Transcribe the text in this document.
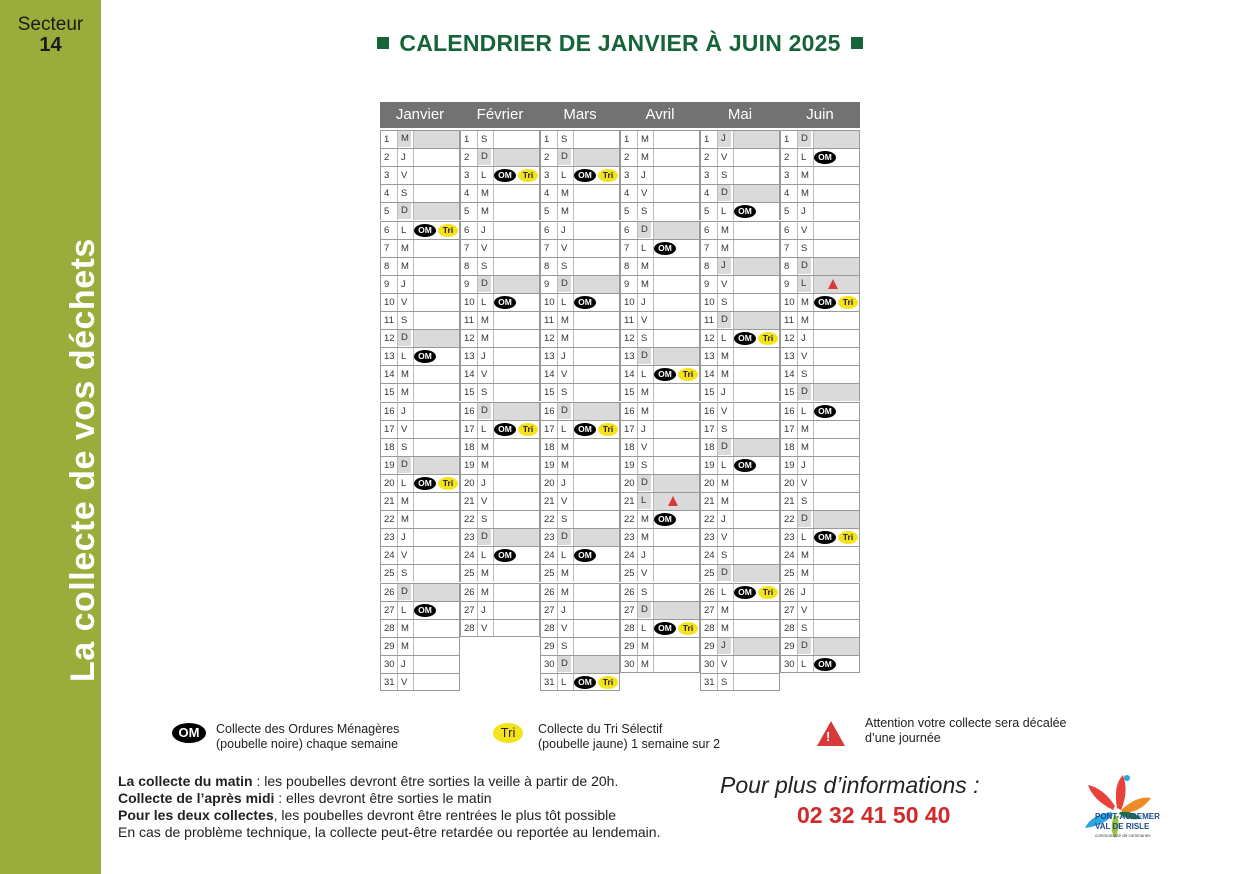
Secteur
14
La collecte de vos déchets
CALENDRIER DE JANVIER À JUIN 2025
Janvier
1	M
2 J
3 V
4 S
5	D
6 L	OM	Tri
7 M
8 M
9 J
10 V
11 S
12 D
13 L	OM
14 M
15 M
16 J
17 V
18 S
19 D
20 L	OM	Tri
21 M
22 M
23 J
24 V
25 S
26 D
27 L	OM
28 M
29 M
30 J
31 V
Février
1 S
2	D
3 L	OM	Tri
4 M
5 M
6 J
7 V
8 S
9	D
10 L	OM
11 M
12 M
13 J
14 V
15 S
16 D
17 L	OM	Tri
18 M
19 M
20 J
21 V
22 S
23 D
24 L	OM
25 M
26 M
27 J
28 V
Mars
1 S
2	D
3 L	OM	Tri
4 M
5 M
6 J
7 V
8 S
9	D
10 L	OM
11 M
12 M
13 J
14 V
15 S
16 D
17 L	OM	Tri
18 M
19 M
20 J
21 V
22 S
23 D
24 L	OM
25 M
26 M
27 J
28 V
29 S
30 D
31 L	OM	Tri
Avril
1 M
2 M
3 J
4 V
5 S
6	D
7 L	OM
8 M
9 M
10 J
11 V
12 S
13 D
14 L	OM	Tri
15 M
16 M
17 J
18 V
19 S
20 D
21 L
22 M	OM
23 M
24 J
25 V
26 S
27 D
28 L	OM	Tri
29 M
30 M
Mai
1	J
2 V
3 S
4	D
5 L	OM
6 M
7 M
8	J
9 V
10 S
11 D
12 L	OM	Tri
13 M
14 M
15 J
16 V
17 S
18 D
19 L	OM
20 M
21 M
22 J
23 V
24 S
25 D
26 L	OM	Tri
27 M
28 M
29 J
30 V
31 S
Juin
1	D
2 L	OM
3 M
4 M
5 J
6 V
7 S
8	D
9	L
10 M	OM	Tri
11 M
12 J
13 V
14 S
15 D
16 L	OM
17 M
18 M
19 J
20 V
21 S
22 D
23 L	OM	Tri
24 M
25 M
26 J
27 V
28 S
29 D
30 L	OM
OM	Collecte des Ordures Ménagères
(poubelle noire) chaque semaine
Tri	Collecte du Tri Sélectif
(poubelle jaune) 1 semaine sur 2	!
Attention votre collecte sera décalée
d’une journée
La collecte du matin : les poubelles devront être sorties la veille à partir de 20h.
Collecte de l’après midi : elles devront être sorties le matin
Pour les deux collectes, les poubelles devront être rentrées le plus tôt possible
En cas de problème technique, la collecte peut-être retardée ou reportée au lendemain.
Pour plus d’informations :
02 32 41 50 40	PONT-AUDEMER
VAL DE RISLE
communauté de communes
